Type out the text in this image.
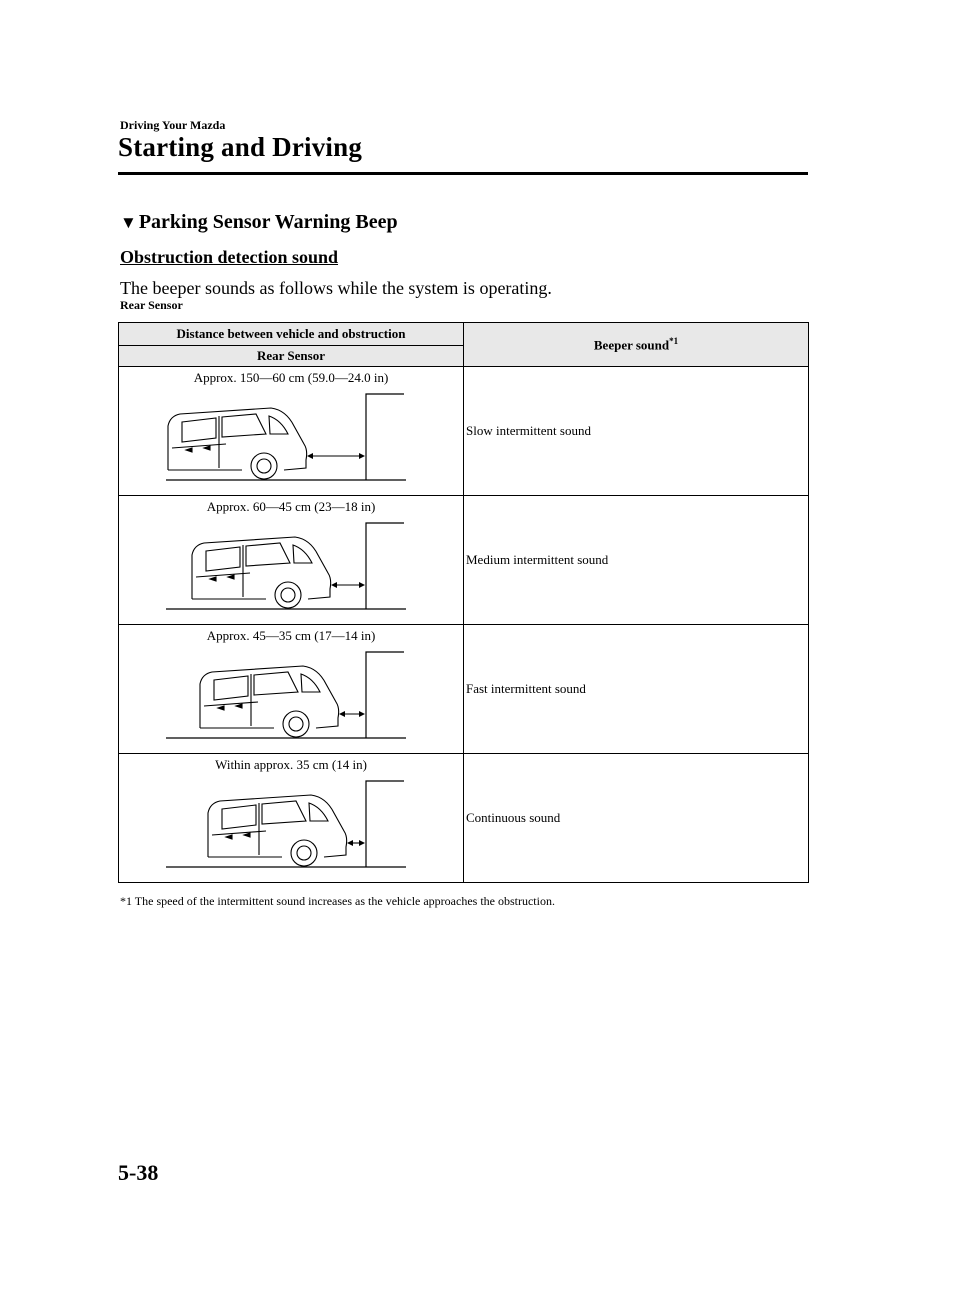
Driving Your Mazda
Starting and Driving
▼ Parking Sensor Warning Beep
Obstruction detection sound
The beeper sounds as follows while the system is operating.
Rear Sensor
Distance between vehicle and obstruction	Beeper sound$^{*1}$
Rear Sensor	

Approx. 150―60 cm (59.0―24.0 in)	Slow intermittent sound

Approx. 60―45 cm (23―18 in)	Medium intermittent sound

Approx. 45―35 cm (17―14 in)	Fast intermittent sound

Within approx. 35 cm (14 in)	Continuous sound
*1 The speed of the intermittent sound increases as the vehicle approaches the obstruction.
5-38
